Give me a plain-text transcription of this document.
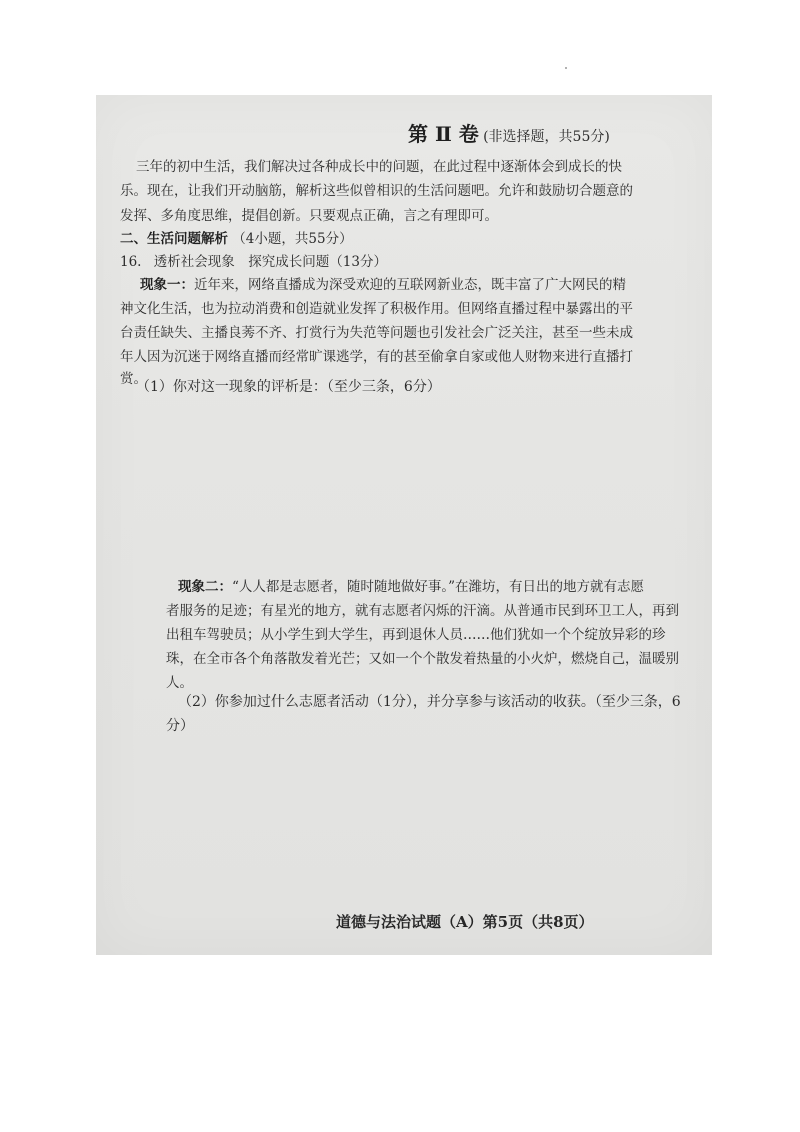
第 Ⅱ 卷 (非选择题，共55分)
三年的初中生活，我们解决过各种成长中的问题，在此过程中逐渐体会到成长的快
乐。现在，让我们开动脑筋，解析这些似曾相识的生活问题吧。允许和鼓励切合题意的
发挥、多角度思维，提倡创新。只要观点正确，言之有理即可。
二、生活问题解析 （4小题，共55分）
16. 透析社会现象　探究成长问题（13分）
现象一：近年来，网络直播成为深受欢迎的互联网新业态，既丰富了广大网民的精
神文化生活，也为拉动消费和创造就业发挥了积极作用。但网络直播过程中暴露出的平
台责任缺失、主播良莠不齐、打赏行为失范等问题也引发社会广泛关注，甚至一些未成
年人因为沉迷于网络直播而经常旷课逃学，有的甚至偷拿自家或他人财物来进行直播打
赏。
（1）你对这一现象的评析是：（至少三条，6分）
现象二：“人人都是志愿者，随时随地做好事。”在潍坊，有日出的地方就有志愿
者服务的足迹；有星光的地方，就有志愿者闪烁的汗滴。从普通市民到环卫工人，再到
出租车驾驶员；从小学生到大学生，再到退休人员……他们犹如一个个绽放异彩的珍
珠，在全市各个角落散发着光芒；又如一个个散发着热量的小火炉，燃烧自己，温暖别
人。
（2）你参加过什么志愿者活动（1分），并分享参与该活动的收获。（至少三条，6
分）
道德与法治试题（A）第5页（共8页）
